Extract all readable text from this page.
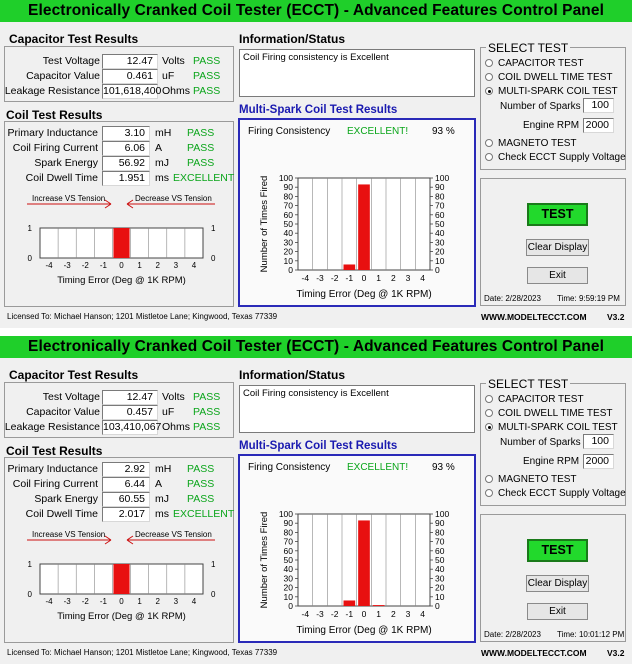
Electronically Cranked Coil Tester (ECCT) - Advanced Features Control Panel
Capacitor Test Results
Test Voltage	12.47 Volts PASS
Capacitor Value	0.461 uF PASS
Leakage Resistance 101,618,400 Ohms PASS
Coil Test Results
Primary Inductance	3.10 mH PASS
Coil Firing Current	6.06 A PASS
Spark Energy	56.92 mJ PASS
Coil Dwell Time	1.951 ms EXCELLENT
Increase VS Tension	Decrease VS Tension
-4 -3 -2 -1 0 1 2 3 4
1	1
0	0
Timing Error (Deg @ 1K RPM)
Information/Status
Coil Firing consistency is Excellent
Multi-Spark Coil Test Results
Firing Consistency EXCELLENT! 93 %
100	100
90	90
80	80
70	70
60	60
50	50
40	40
30	30
20	20
10	10
0	0
-4 -3 -2 -1 0 1 2 3 4
Number of Times Fired
Timing Error (Deg @ 1K RPM)
SELECT TEST
CAPACITOR TEST
COIL DWELL TIME TEST
MULTI-SPARK COIL TEST
MAGNETO TEST
Check ECCT Supply Voltage
Number of Sparks	100
Engine RPM 2000
TEST
Clear Display
Exit
Date: 2/28/2023 Time: 9:59:19 PM
Licensed To: Michael Hanson; 1201 Mistletoe Lane; Kingwood, Texas 77339	WWW.MODELTECCT.COM V3.2
Electronically Cranked Coil Tester (ECCT) - Advanced Features Control Panel
Capacitor Test Results
Test Voltage	12.47 Volts PASS
Capacitor Value	0.457 uF PASS
Leakage Resistance 103,410,067 Ohms PASS
Coil Test Results
Primary Inductance	2.92 mH PASS
Coil Firing Current	6.44 A PASS
Spark Energy	60.55 mJ PASS
Coil Dwell Time	2.017 ms EXCELLENT
Increase VS Tension	Decrease VS Tension
-4 -3 -2 -1 0 1 2 3 4
1	1
0	0
Timing Error (Deg @ 1K RPM)
Information/Status
Coil Firing consistency is Excellent
Multi-Spark Coil Test Results
Firing Consistency EXCELLENT! 93 %
100	100
90	90
80	80
70	70
60	60
50	50
40	40
30	30
20	20
10	10
0	0
-4 -3 -2 -1 0 1 2 3 4
Number of Times Fired
Timing Error (Deg @ 1K RPM)
SELECT TEST
CAPACITOR TEST
COIL DWELL TIME TEST
MULTI-SPARK COIL TEST
MAGNETO TEST
Check ECCT Supply Voltage
Number of Sparks	100
Engine RPM 2000
TEST
Clear Display
Exit
Date: 2/28/2023 Time: 10:01:12 PM
Licensed To: Michael Hanson; 1201 Mistletoe Lane; Kingwood, Texas 77339	WWW.MODELTECCT.COM V3.2
